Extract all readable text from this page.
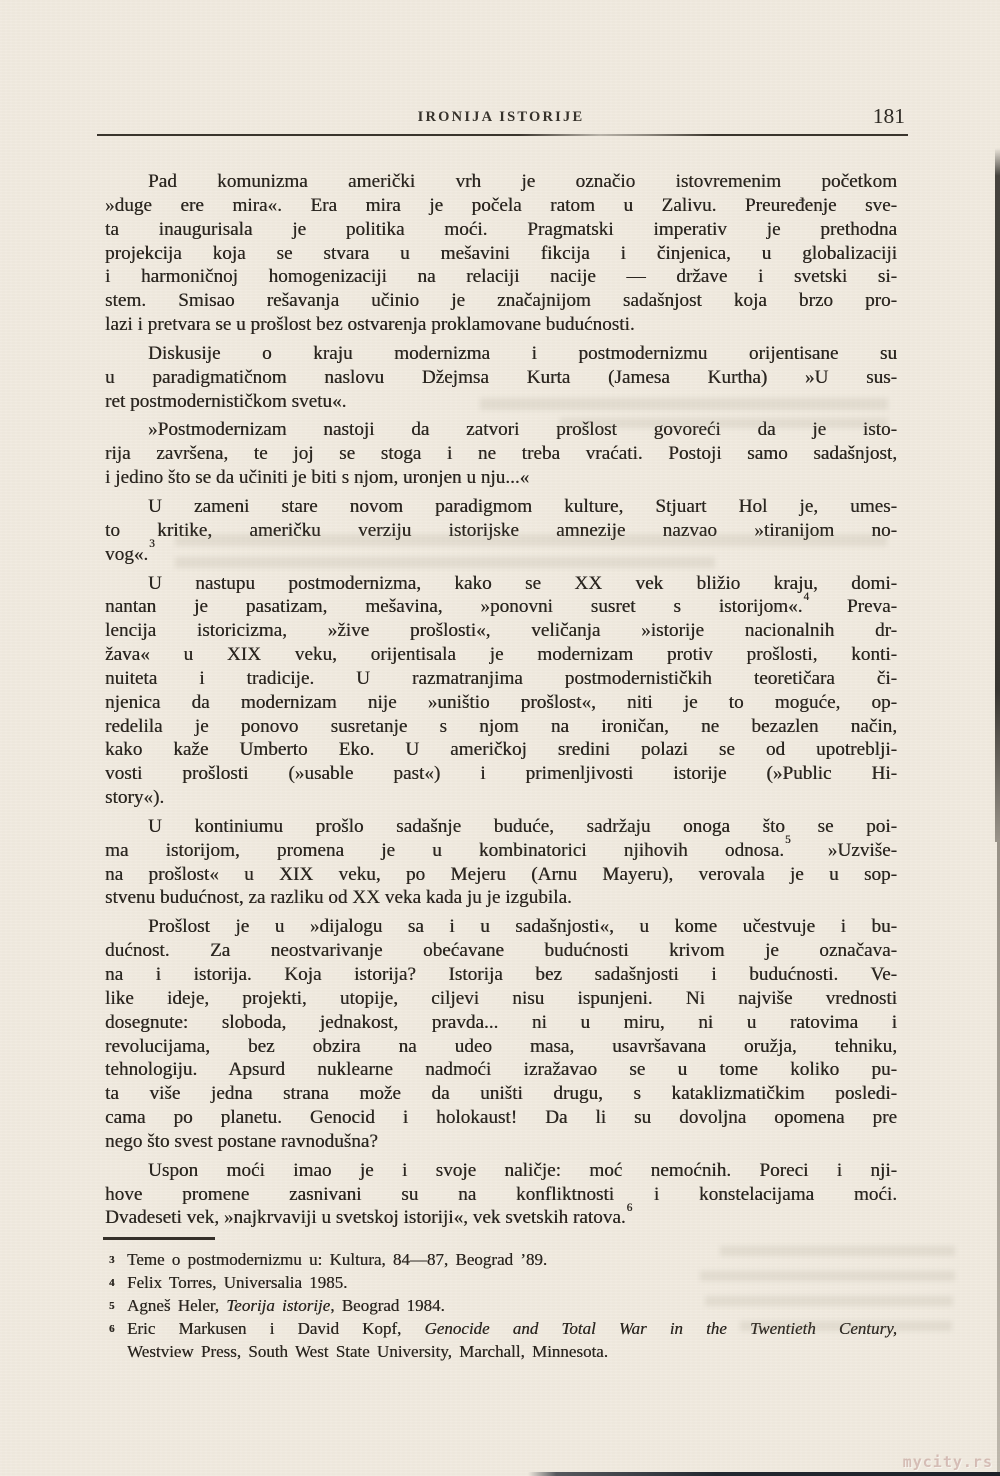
IRONIJA ISTORIJE	181
Pad komunizma američki vrh je označio istovremenim početkom
»duge ere mira«. Era mira je počela ratom u Zalivu. Preuređenje sve-
ta inaugurisala je politika moći. Pragmatski imperativ je prethodna
projekcija koja se stvara u mešavini fikcija i činjenica, u globalizaciji
i harmoničnoj homogenizaciji na relaciji nacije — države i svetski si-
stem. Smisao rešavanja učinio je značajnijom sadašnjost koja brzo pro-
lazi i pretvara se u prošlost bez ostvarenja proklamovane budućnosti.
Diskusije o kraju modernizma i postmodernizmu orijentisane su
u paradigmatičnom naslovu Džejmsa Kurta (Jamesa Kurtha) »U sus-
ret postmodernističkom svetu«.
»Postmodernizam nastoji da zatvori prošlost govoreći da je isto-
rija završena, te joj se stoga i ne treba vraćati. Postoji samo sadašnjost,
i jedino što se da učiniti je biti s njom, uronjen u nju...«
U zameni stare novom paradigmom kulture, Stjuart Hol je, umes-
to kritike, američku verziju istorijske amnezije nazvao »tiranijom no-
vog«.$^3$
U nastupu postmodernizma, kako se XX vek bližio kraju, domi-
nantan je pasatizam, mešavina, »ponovni susret s istorijom«.$^4$ Preva-
lencija istoricizma, »žive prošlosti«, veličanja »istorije nacionalnih dr-
žava« u XIX veku, orijentisala je modernizam protiv prošlosti, konti-
nuiteta i tradicije. U razmatranjima postmodernističkih teoretičara či-
njenica da modernizam nije »uništio prošlost«, niti je to moguće, op-
redelila je ponovo susretanje s njom na ironičan, ne bezazlen način,
kako kaže Umberto Eko. U američkoj sredini polazi se od upotreblji-
vosti prošlosti (»usable past«) i primenljivosti istorije (»Public Hi-
story«).
U kontiniumu prošlo sadašnje buduće, sadržaju onoga što se poi-
ma istorijom, promena je u kombinatorici njihovih odnosa.$^5$ »Uzviše-
na prošlost« u XIX veku, po Mejeru (Arnu Mayeru), verovala je u sop-
stvenu budućnost, za razliku od XX veka kada ju je izgubila.
Prošlost je u »dijalogu sa i u sadašnjosti«, u kome učestvuje i bu-
dućnost. Za neostvarivanje obećavane budućnosti krivom je označava-
na i istorija. Koja istorija? Istorija bez sadašnjosti i budućnosti. Ve-
like ideje, projekti, utopije, ciljevi nisu ispunjeni. Ni najviše vrednosti
dosegnute: sloboda, jednakost, pravda... ni u miru, ni u ratovima i
revolucijama, bez obzira na udeo masa, usavršavana oružja, tehniku,
tehnologiju. Apsurd nuklearne nadmoći izražavao se u tome koliko pu-
ta više jedna strana može da uništi drugu, s kataklizmatičkim posledi-
cama po planetu. Genocid i holokaust! Da li su dovoljna opomena pre
nego što svest postane ravnodušna?
Uspon moći imao je i svoje naličje: moć nemoćnih. Poreci i nji-
hove promene zasnivani su na konfliktnosti i konstelacijama moći.
Dvadeseti vek, »najkrvaviji u svetskoj istoriji«, vek svetskih ratova.$^6$
3 Teme o postmodernizmu u: Kultura, 84—87, Beograd ’89.
4 Felix Torres, Universalia 1985.
5 Agneš Heler, Teorija istorije, Beograd 1984.
6 Eric Markusen i David Kopf, Genocide and Total War in the Twentieth Century,
Westview Press, South West State University, Marchall, Minnesota.
mycity.rs
